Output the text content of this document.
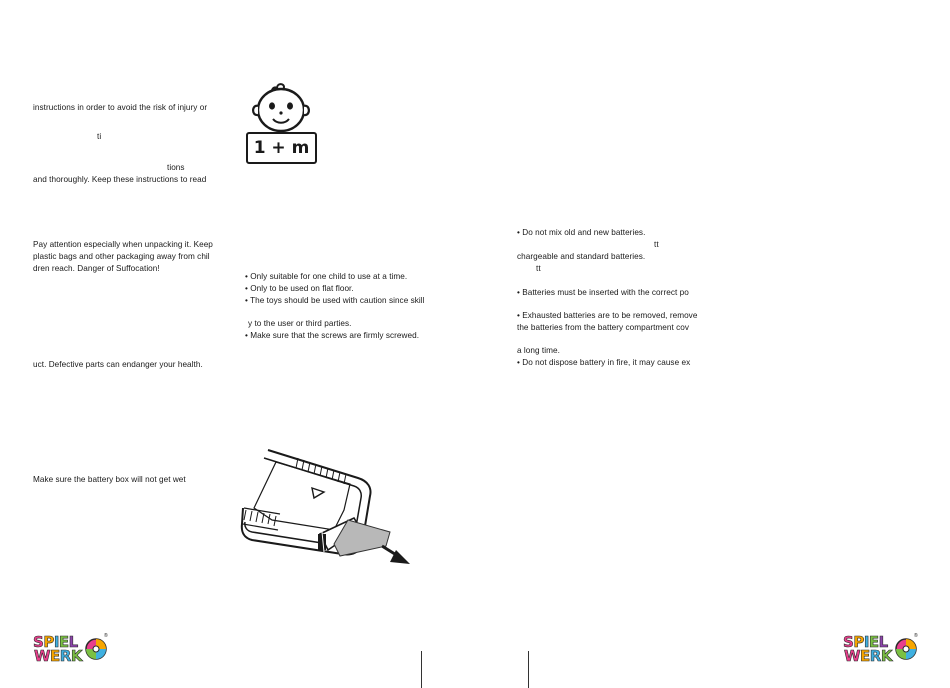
instructions in order to avoid the risk of injury or
ti
tions
and thoroughly. Keep these instructions to read
Pay attention especially when unpacking it. Keep
plastic bags and other packaging away from chil
dren reach. Danger of Suffocation!
uct. Defective parts can endanger your health.
Make sure the battery box will not get wet
1 + m
• Only suitable for one child to use at a time.
• Only to be used on flat floor.
• The toys should be used with caution since skill
y to the user or third parties.
• Make sure that the screws are firmly screwed.
• Do not mix old and new batteries.
tt
chargeable and standard batteries.
tt
• Batteries must be inserted with the correct po
• Exhausted batteries are to be removed, remove
the batteries from the battery compartment cov
a long time.
• Do not dispose battery in fire, it may cause ex
SPIEL
WERK
®	SPIEL
WERK
®
